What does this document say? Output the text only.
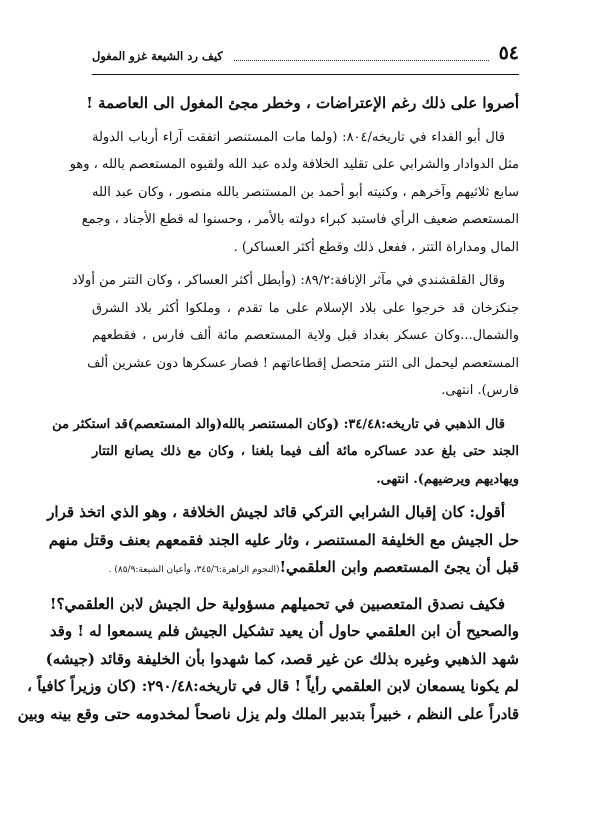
٥٤
كيف رد الشيعة غزو المغول

أصروا على ذلك رغم الإعتراضات ، وخطر مجئ المغول الى العاصمة !

قال أبو الفداء في تاريخه/٨٠٤: (ولما مات المستنصر اتفقت آراء أرباب الدولة
مثل الدوادار والشرابي على تقليد الخلافة ولده عبد الله ولقبوه المستعصم بالله ، وهو
سابع ثلاثيهم وآخرهم ، وكنيته أبو أحمد بن المستنصر بالله منصور ، وكان عبد الله
المستعصم ضعيف الرأي فاستبد كبراء دولته بالأمر ، وحسنوا له قطع الأجناد ، وجمع
المال ومداراة التتر ، ففعل ذلك وقطع أكثر العساكر) .

وقال القلقشندي في مآثر الإنافة:٨٩/٢: (وأبطل أكثر العساكر ، وكان التتر من أولاد
جنكزخان قد خرجوا على بلاد الإسلام على ما تقدم ، وملكوا أكثر بلاد الشرق
والشمال...وكان عسكر بغداد قبل ولاية المستعصم مائة ألف فارس ، فقطعهم
المستعصم ليحمل الى التتر متحصل إقطاعاتهم ! فصار عسكرها دون عشرين ألف
فارس). انتهى.

قال الذهبي في تاريخه:٣٤/٤٨: (وكان المستنصر بالله(والد المستعصم)قد استكثر من
الجند حتى بلغ عدد عساكره مائة ألف فيما بلغنا ، وكان مع ذلك يصانع التتار
ويهاديهم ويرضيهم). انتهى.

أقول: كان إقبال الشرابي التركي قائد لجيش الخلافة ، وهو الذي اتخذ قرار
حل الجيش مع الخليفة المستنصر ، وثار عليه الجند فقمعهم بعنف وقتل منهم
قبل أن يجئ المستعصم وابن العلقمي!(النجوم الزاهرة:٣٤٥/٦، وأعيان الشيعة:٨٥/٩) .

فكيف نصدق المتعصبين في تحميلهم مسؤولية حل الجيش لابن العلقمي؟!
والصحيح أن ابن العلقمي حاول أن يعيد تشكيل الجيش فلم يسمعوا له ! وقد
شهد الذهبي وغيره بذلك عن غير قصد، كما شهدوا بأن الخليفة وقائد (جيشه)
لم يكونا يسمعان لابن العلقمي رأياً ! قال في تاريخه:٢٩٠/٤٨: (كان وزيراً كافياً ،
قادراً على النظم ، خبيراً بتدبير الملك ولم يزل ناصحاً لمخدومه حتى وقع بينه وبين
